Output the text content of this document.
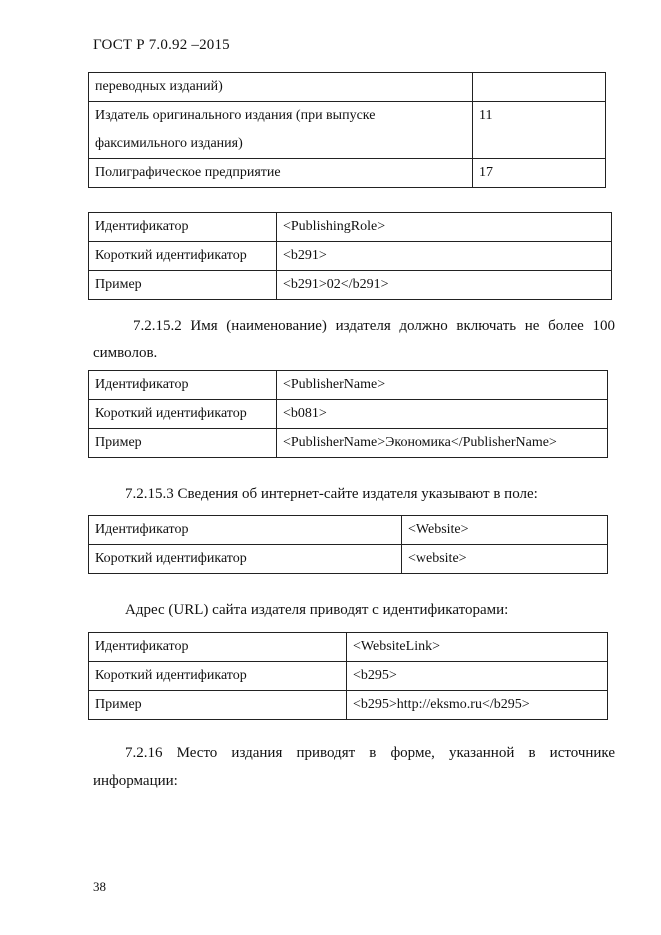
ГОСТ Р 7.0.92 –2015
переводных изданий)	
Издатель оригинального издания (при выпуске факсимильного издания)	11
Полиграфическое предприятие	17
Идентификатор	<PublishingRole>
Короткий идентификатор	<b291>
Пример	<b291>02</b291>
7.2.15.2 Имя (наименование) издателя должно включать не более 100
символов.
Идентификатор	<PublisherName>
Короткий идентификатор	<b081>
Пример	<PublisherName>Экономика</PublisherName>
7.2.15.3 Сведения об интернет-сайте издателя указывают в поле:
Идентификатор	<Website>
Короткий идентификатор	<website>
Адрес (URL) сайта издателя приводят с идентификаторами:
Идентификатор	<WebsiteLink>
Короткий идентификатор	<b295>
Пример	<b295>http://eksmo.ru</b295>
7.2.16 Место издания приводят в форме, указанной в источнике
информации:
38
